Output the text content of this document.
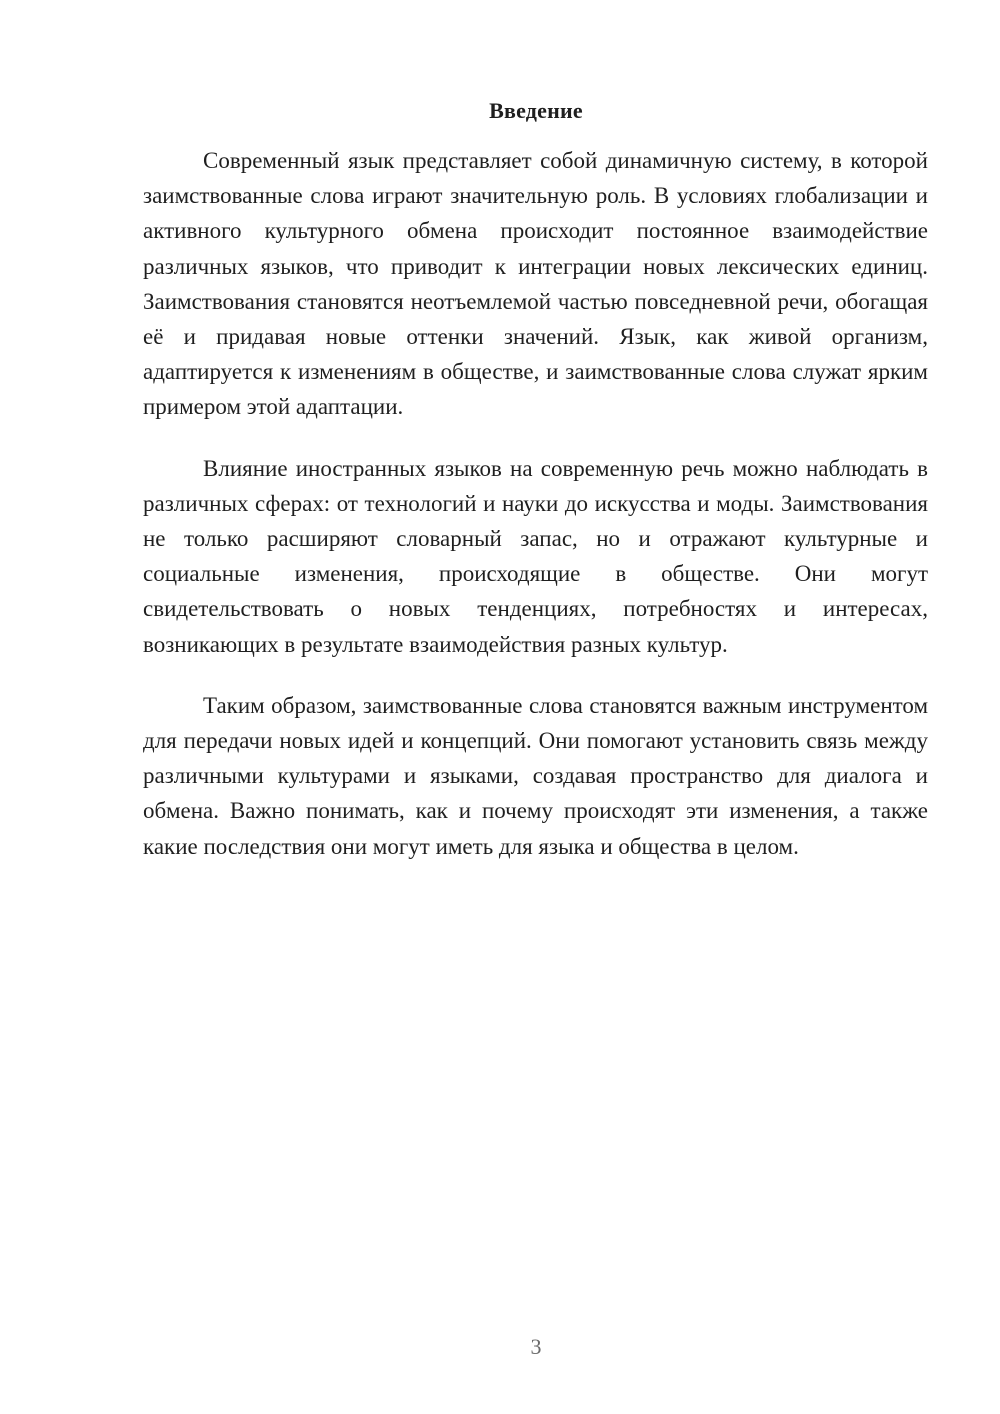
Введение

Современный язык представляет собой динамичную систему, в которой заимствованные слова играют значительную роль. В условиях глобализации и активного культурного обмена происходит постоянное взаимодействие различных языков, что приводит к интеграции новых лексических единиц. Заимствования становятся неотъемлемой частью повседневной речи, обогащая её и придавая новые оттенки значений. Язык, как живой организм, адаптируется к изменениям в обществе, и заимствованные слова служат ярким примером этой адаптации.

Влияние иностранных языков на современную речь можно наблюдать в различных сферах: от технологий и науки до искусства и моды. Заимствования не только расширяют словарный запас, но и отражают культурные и социальные изменения, происходящие в обществе. Они могут свидетельствовать о новых тенденциях, потребностях и интересах, возникающих в результате взаимодействия разных культур.

Таким образом, заимствованные слова становятся важным инструментом для передачи новых идей и концепций. Они помогают установить связь между различными культурами и языками, создавая пространство для диалога и обмена. Важно понимать, как и почему происходят эти изменения, а также какие последствия они могут иметь для языка и общества в целом.

3
